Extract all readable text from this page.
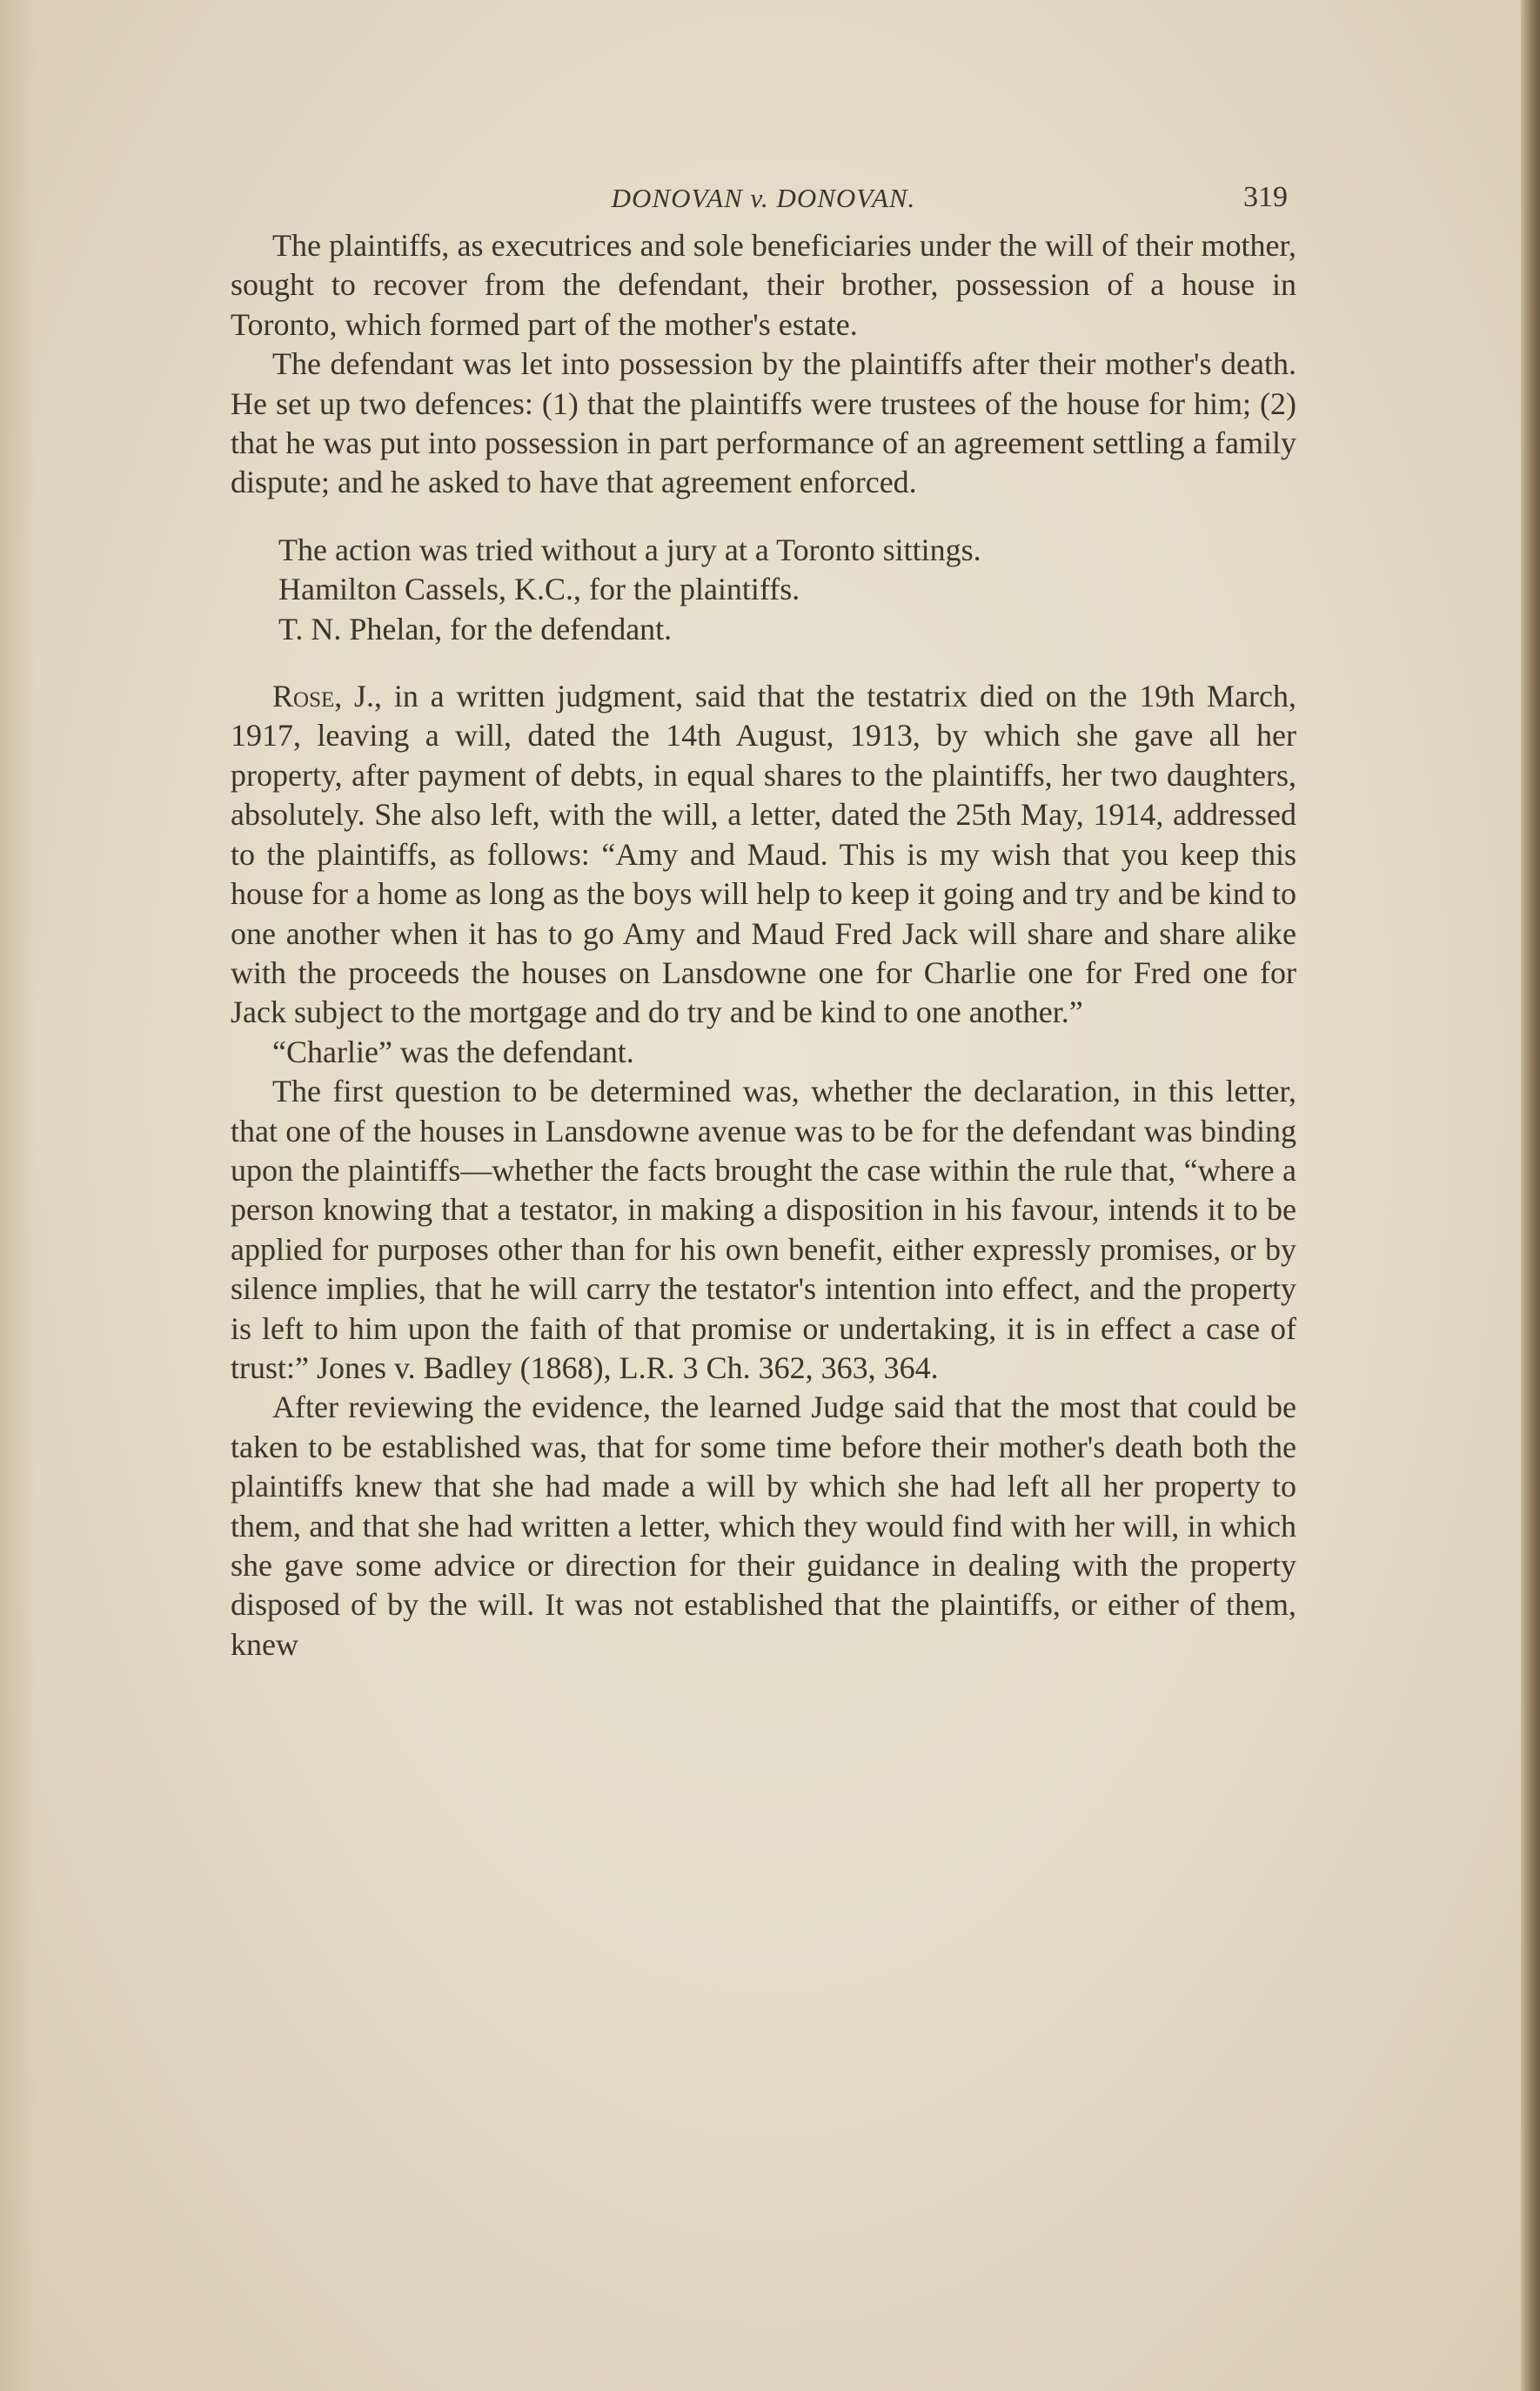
DONOVAN v. DONOVAN.	319

The plaintiffs, as executrices and sole beneficiaries under the will of their mother, sought to recover from the defendant, their brother, possession of a house in Toronto, which formed part of the mother's estate.

The defendant was let into possession by the plaintiffs after their mother's death. He set up two defences: (1) that the plaintiffs were trustees of the house for him; (2) that he was put into possession in part performance of an agreement settling a family dispute; and he asked to have that agreement enforced.

The action was tried without a jury at a Toronto sittings.

Hamilton Cassels, K.C., for the plaintiffs.

T. N. Phelan, for the defendant.

Rose, J., in a written judgment, said that the testatrix died on the 19th March, 1917, leaving a will, dated the 14th August, 1913, by which she gave all her property, after payment of debts, in equal shares to the plaintiffs, her two daughters, absolutely. She also left, with the will, a letter, dated the 25th May, 1914, addressed to the plaintiffs, as follows: “Amy and Maud. This is my wish that you keep this house for a home as long as the boys will help to keep it going and try and be kind to one another when it has to go Amy and Maud Fred Jack will share and share alike with the proceeds the houses on Lansdowne one for Charlie one for Fred one for Jack subject to the mortgage and do try and be kind to one another.”

“Charlie” was the defendant.

The first question to be determined was, whether the declaration, in this letter, that one of the houses in Lansdowne avenue was to be for the defendant was binding upon the plaintiffs—whether the facts brought the case within the rule that, “where a person knowing that a testator, in making a disposition in his favour, intends it to be applied for purposes other than for his own benefit, either expressly promises, or by silence implies, that he will carry the testator's intention into effect, and the property is left to him upon the faith of that promise or undertaking, it is in effect a case of trust:” Jones v. Badley (1868), L.R. 3 Ch. 362, 363, 364.

After reviewing the evidence, the learned Judge said that the most that could be taken to be established was, that for some time before their mother's death both the plaintiffs knew that she had made a will by which she had left all her property to them, and that she had written a letter, which they would find with her will, in which she gave some advice or direction for their guidance in dealing with the property disposed of by the will. It was not established that the plaintiffs, or either of them, knew
